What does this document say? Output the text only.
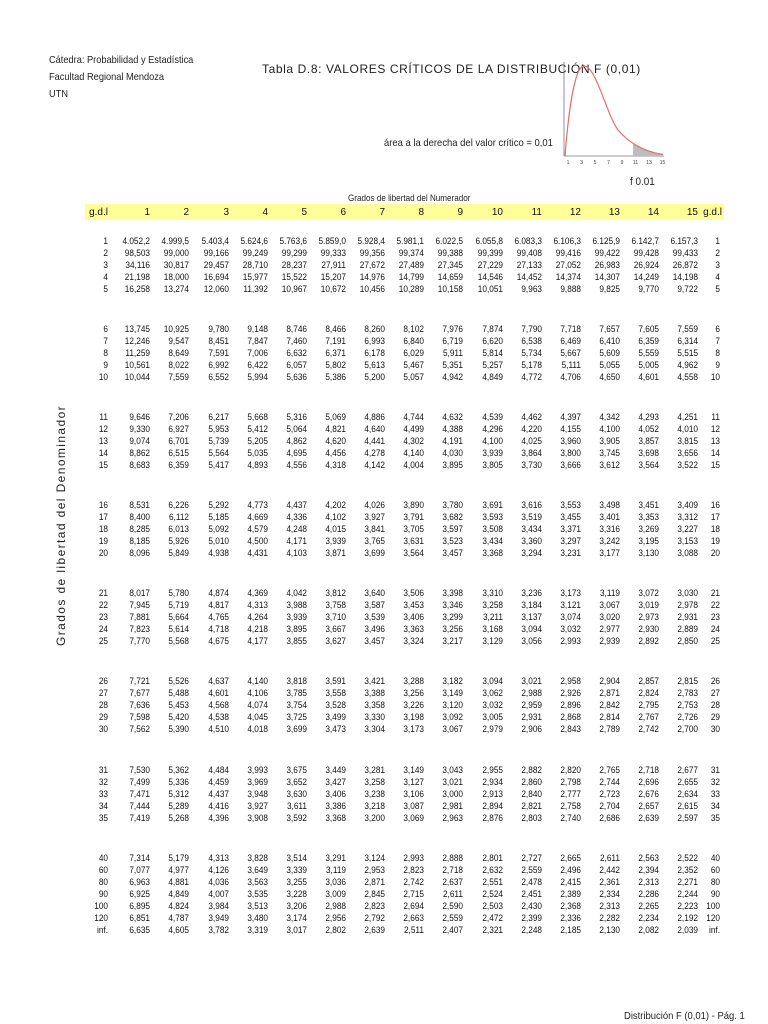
Cátedra: Probabilidad y Estadística
Facultad Regional Mendoza
UTN
Tabla D.8: VALORES CRÍTICOS DE LA DISTRIBUCIÓN F (0,01)
1 3 5 7 9 11 13 15
área a la derecha del valor crítico = 0,01
f 0.01
Grados de libertad del Numerador
g.d.l	1	2	3	4	5	6	7	8	9	10	11	12	13	14	15 g.d.l
Grados de libertad del Denominador
1	4.052,2	4.999,5	5.403,4	5.624,6	5.763,6	5.859,0	5.928,4	5.981,1	6.022,5	6.055,8	6.083,3	6.106,3	6.125,9	6.142,7	6.157,3	1
2	98,503	99,000	99,166	99,249	99,299	99,333	99,356	99,374	99,388	99,399	99,408	99,416	99,422	99,428	99,433	2
3	34,116	30,817	29,457	28,710	28,237	27,911	27,672	27,489	27,345	27,229	27,133	27,052	26,983	26,924	26,872	3
4	21,198	18,000	16,694	15,977	15,522	15,207	14,976	14,799	14,659	14,546	14,452	14,374	14,307	14,249	14,198	4
5	16,258	13,274	12,060	11,392	10,967	10,672	10,456	10,289	10,158	10,051	9,963	9,888	9,825	9,770	9,722	5
6	13,745	10,925	9,780	9,148	8,746	8,466	8,260	8,102	7,976	7,874	7,790	7,718	7,657	7,605	7,559	6
7	12,246	9,547	8,451	7,847	7,460	7,191	6,993	6,840	6,719	6,620	6,538	6,469	6,410	6,359	6,314	7
8	11,259	8,649	7,591	7,006	6,632	6,371	6,178	6,029	5,911	5,814	5,734	5,667	5,609	5,559	5,515	8
9	10,561	8,022	6,992	6,422	6,057	5,802	5,613	5,467	5,351	5,257	5,178	5,111	5,055	5,005	4,962	9
10	10,044	7,559	6,552	5,994	5,636	5,386	5,200	5,057	4,942	4,849	4,772	4,706	4,650	4,601	4,558	10
11	9,646	7,206	6,217	5,668	5,316	5,069	4,886	4,744	4,632	4,539	4,462	4,397	4,342	4,293	4,251	11
12	9,330	6,927	5,953	5,412	5,064	4,821	4,640	4,499	4,388	4,296	4,220	4,155	4,100	4,052	4,010	12
13	9,074	6,701	5,739	5,205	4,862	4,620	4,441	4,302	4,191	4,100	4,025	3,960	3,905	3,857	3,815	13
14	8,862	6,515	5,564	5,035	4,695	4,456	4,278	4,140	4,030	3,939	3,864	3,800	3,745	3,698	3,656	14
15	8,683	6,359	5,417	4,893	4,556	4,318	4,142	4,004	3,895	3,805	3,730	3,666	3,612	3,564	3,522	15
16	8,531	6,226	5,292	4,773	4,437	4,202	4,026	3,890	3,780	3,691	3,616	3,553	3,498	3,451	3,409	16
17	8,400	6,112	5,185	4,669	4,336	4,102	3,927	3,791	3,682	3,593	3,519	3,455	3,401	3,353	3,312	17
18	8,285	6,013	5,092	4,579	4,248	4,015	3,841	3,705	3,597	3,508	3,434	3,371	3,316	3,269	3,227	18
19	8,185	5,926	5,010	4,500	4,171	3,939	3,765	3,631	3,523	3,434	3,360	3,297	3,242	3,195	3,153	19
20	8,096	5,849	4,938	4,431	4,103	3,871	3,699	3,564	3,457	3,368	3,294	3,231	3,177	3,130	3,088	20
21	8,017	5,780	4,874	4,369	4,042	3,812	3,640	3,506	3,398	3,310	3,236	3,173	3,119	3,072	3,030	21
22	7,945	5,719	4,817	4,313	3,988	3,758	3,587	3,453	3,346	3,258	3,184	3,121	3,067	3,019	2,978	22
23	7,881	5,664	4,765	4,264	3,939	3,710	3,539	3,406	3,299	3,211	3,137	3,074	3,020	2,973	2,931	23
24	7,823	5,614	4,718	4,218	3,895	3,667	3,496	3,363	3,256	3,168	3,094	3,032	2,977	2,930	2,889	24
25	7,770	5,568	4,675	4,177	3,855	3,627	3,457	3,324	3,217	3,129	3,056	2,993	2,939	2,892	2,850	25
26	7,721	5,526	4,637	4,140	3,818	3,591	3,421	3,288	3,182	3,094	3,021	2,958	2,904	2,857	2,815	26
27	7,677	5,488	4,601	4,106	3,785	3,558	3,388	3,256	3,149	3,062	2,988	2,926	2,871	2,824	2,783	27
28	7,636	5,453	4,568	4,074	3,754	3,528	3,358	3,226	3,120	3,032	2,959	2,896	2,842	2,795	2,753	28
29	7,598	5,420	4,538	4,045	3,725	3,499	3,330	3,198	3,092	3,005	2,931	2,868	2,814	2,767	2,726	29
30	7,562	5,390	4,510	4,018	3,699	3,473	3,304	3,173	3,067	2,979	2,906	2,843	2,789	2,742	2,700	30
31	7,530	5,362	4,484	3,993	3,675	3,449	3,281	3,149	3,043	2,955	2,882	2,820	2,765	2,718	2,677	31
32	7,499	5,336	4,459	3,969	3,652	3,427	3,258	3,127	3,021	2,934	2,860	2,798	2,744	2,696	2,655	32
33	7,471	5,312	4,437	3,948	3,630	3,406	3,238	3,106	3,000	2,913	2,840	2,777	2,723	2,676	2,634	33
34	7,444	5,289	4,416	3,927	3,611	3,386	3,218	3,087	2,981	2,894	2,821	2,758	2,704	2,657	2,615	34
35	7,419	5,268	4,396	3,908	3,592	3,368	3,200	3,069	2,963	2,876	2,803	2,740	2,686	2,639	2,597	35
40	7,314	5,179	4,313	3,828	3,514	3,291	3,124	2,993	2,888	2,801	2,727	2,665	2,611	2,563	2,522	40
60	7,077	4,977	4,126	3,649	3,339	3,119	2,953	2,823	2,718	2,632	2,559	2,496	2,442	2,394	2,352	60
80	6,963	4,881	4,036	3,563	3,255	3,036	2,871	2,742	2,637	2,551	2,478	2,415	2,361	2,313	2,271	80
90	6,925	4,849	4,007	3,535	3,228	3,009	2,845	2,715	2,611	2,524	2,451	2,389	2,334	2,286	2,244	90
100	6,895	4,824	3,984	3,513	3,206	2,988	2,823	2,694	2,590	2,503	2,430	2,368	2,313	2,265	2,223 100
120	6,851	4,787	3,949	3,480	3,174	2,956	2,792	2,663	2,559	2,472	2,399	2,336	2,282	2,234	2,192 120
inf.	6,635	4,605	3,782	3,319	3,017	2,802	2,639	2,511	2,407	2,321	2,248	2,185	2,130	2,082	2,039	inf.
Distribución F (0,01) - Pág. 1
